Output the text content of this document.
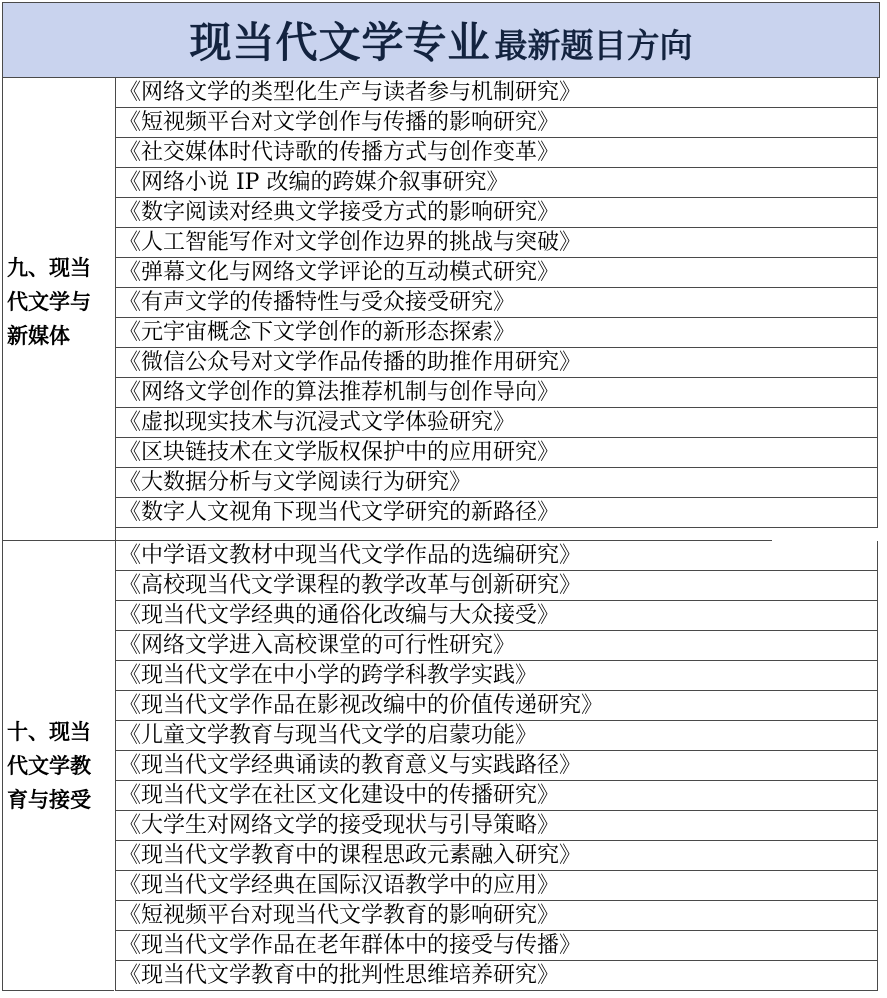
现当代文学专业 最新题目方向
九、现当
代文学与
新媒体
《网络文学的类型化生产与读者参与机制研究》
《短视频平台对文学创作与传播的影响研究》
《社交媒体时代诗歌的传播方式与创作变革》
《网络小说 IP 改编的跨媒介叙事研究》
《数字阅读对经典文学接受方式的影响研究》
《人工智能写作对文学创作边界的挑战与突破》
《弹幕文化与网络文学评论的互动模式研究》
《有声文学的传播特性与受众接受研究》
《元宇宙概念下文学创作的新形态探索》
《微信公众号对文学作品传播的助推作用研究》
《网络文学创作的算法推荐机制与创作导向》
《虚拟现实技术与沉浸式文学体验研究》
《区块链技术在文学版权保护中的应用研究》
《大数据分析与文学阅读行为研究》
《数字人文视角下现当代文学研究的新路径》
十、现当
代文学教
育与接受
《中学语文教材中现当代文学作品的选编研究》
《高校现当代文学课程的教学改革与创新研究》
《现当代文学经典的通俗化改编与大众接受》
《网络文学进入高校课堂的可行性研究》
《现当代文学在中小学的跨学科教学实践》
《现当代文学作品在影视改编中的价值传递研究》
《儿童文学教育与现当代文学的启蒙功能》
《现当代文学经典诵读的教育意义与实践路径》
《现当代文学在社区文化建设中的传播研究》
《大学生对网络文学的接受现状与引导策略》
《现当代文学教育中的课程思政元素融入研究》
《现当代文学经典在国际汉语教学中的应用》
《短视频平台对现当代文学教育的影响研究》
《现当代文学作品在老年群体中的接受与传播》
《现当代文学教育中的批判性思维培养研究》
